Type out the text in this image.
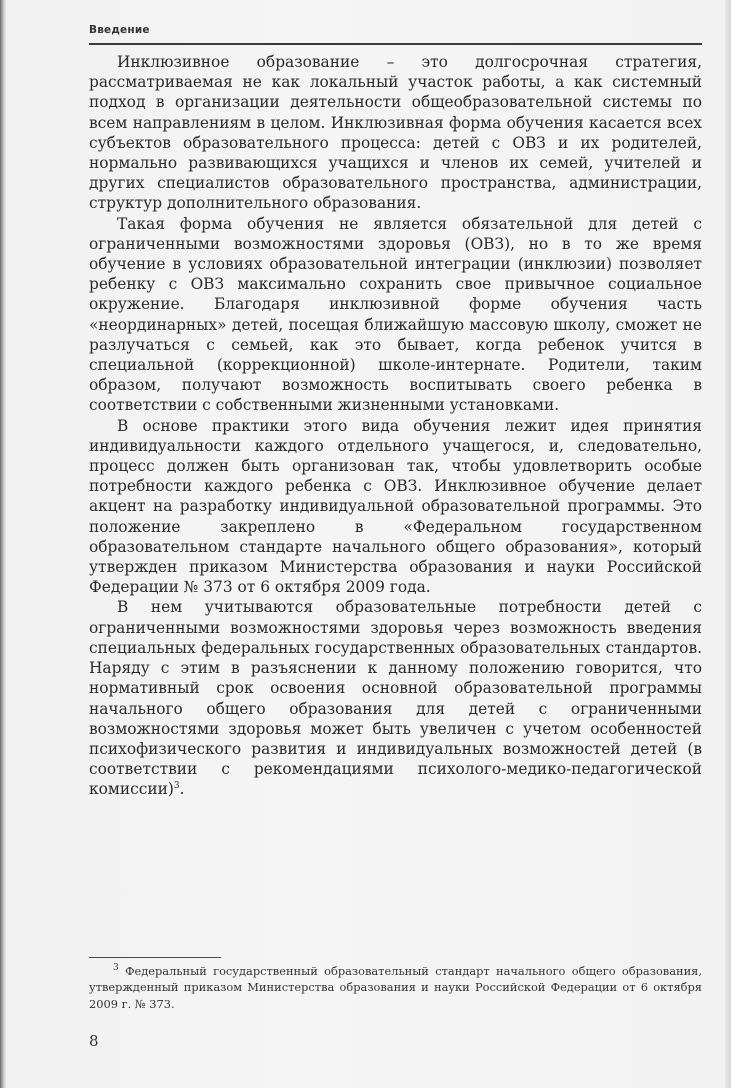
Введение

Инклюзивное образование – это долгосрочная стратегия, рассматриваемая не как локальный участок работы, а как системный подход в организации деятельности общеобразовательной системы по всем направлениям в целом. Инклюзивная форма обучения касается всех субъектов образовательного процесса: детей с ОВЗ и их родителей, нормально развивающихся учащихся и членов их семей, учителей и других специалистов образовательного пространства, администрации, структур дополнительного образования.

Такая форма обучения не является обязательной для детей с ограниченными возможностями здоровья (ОВЗ), но в то же время обучение в условиях образовательной интеграции (инклюзии) позволяет ребенку с ОВЗ максимально сохранить свое привычное социальное окружение. Благодаря инклюзивной форме обучения часть «неординарных» детей, посещая ближайшую массовую школу, сможет не разлучаться с семьей, как это бывает, когда ребенок учится в специальной (коррекционной) школе-интернате. Родители, таким образом, получают возможность воспитывать своего ребенка в соответствии с собственными жизненными установками.

В основе практики этого вида обучения лежит идея принятия индивидуальности каждого отдельного учащегося, и, следовательно, процесс должен быть организован так, чтобы удовлетворить особые потребности каждого ребенка с ОВЗ. Инклюзивное обучение делает акцент на разработку индивидуальной образовательной программы. Это положение закреплено в «Федеральном государственном образовательном стандарте начального общего образования», который утвержден приказом Министерства образования и науки Российской Федерации № 373 от 6 октября 2009 года.

В нем учитываются образовательные потребности детей с ограниченными возможностями здоровья через возможность введения специальных федеральных государственных образовательных стандартов. Наряду с этим в разъяснении к данному положению говорится, что нормативный срок освоения основной образовательной программы начального общего образования для детей с ограниченными возможностями здоровья может быть увеличен с учетом особенностей психофизического развития и индивидуальных возможностей детей (в соответствии с рекомендациями психолого-медико-педагогической комиссии)$^3$.

$^3$ Федеральный государственный образовательный стандарт начального общего образования, утвержденный приказом Министерства образования и науки Российской Федерации от 6 октября 2009 г. № 373.

8
